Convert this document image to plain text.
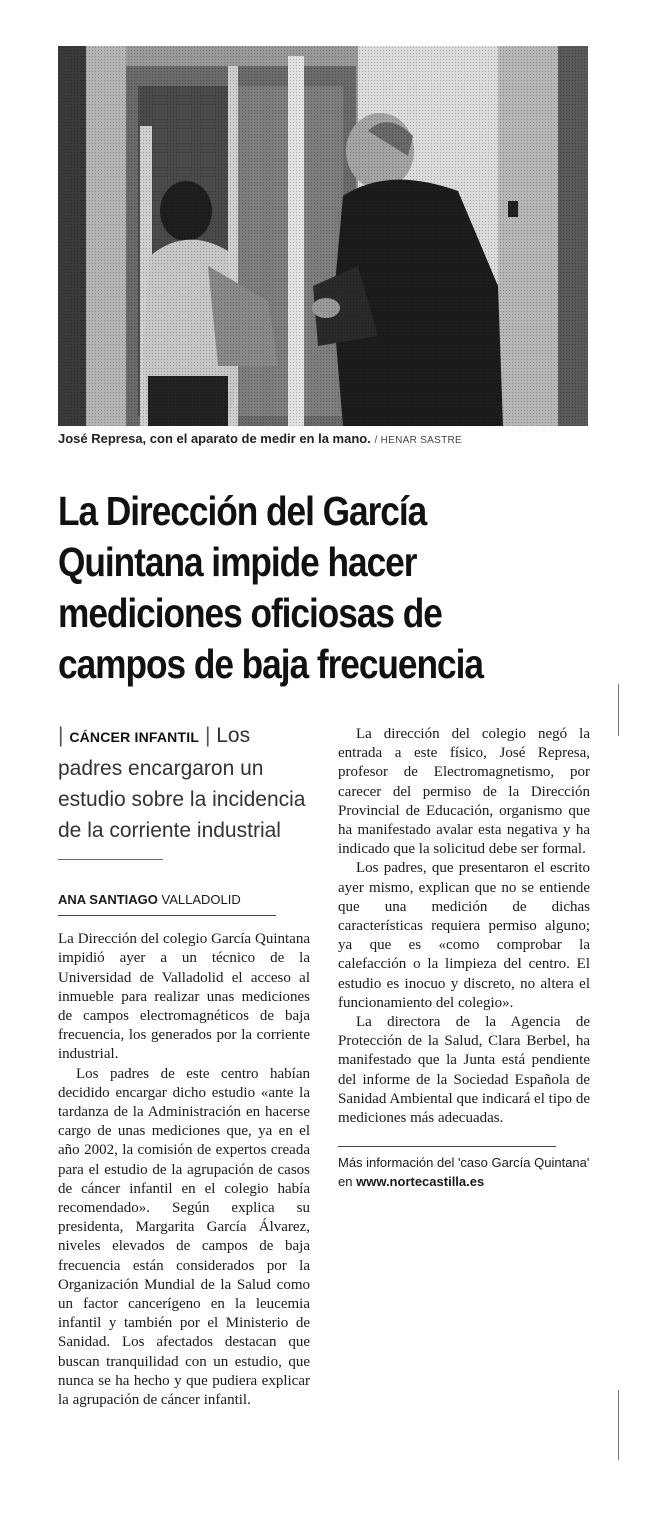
José Represa, con el aparato de medir en la mano. / HENAR SASTRE
La Dirección del García
Quintana impide hacer
mediciones oficiosas de
campos de baja frecuencia

| CÁNCER INFANTIL | Los padres encargaron un estudio sobre la incidencia de la corriente industrial

ANA SANTIAGO VALLADOLID

La Dirección del colegio García Quintana impidió ayer a un técnico de la Universidad de Valladolid el acceso al inmueble para realizar unas mediciones de campos electromagnéticos de baja frecuencia, los generados por la corriente industrial.

Los padres de este centro habían decidido encargar dicho estudio «ante la tardanza de la Administración en hacerse cargo de unas mediciones que, ya en el año 2002, la comisión de expertos creada para el estudio de la agrupación de casos de cáncer infantil en el colegio había recomendado». Según explica su presidenta, Margarita García Álvarez, niveles elevados de campos de baja frecuencia están considerados por la Organización Mundial de la Salud como un factor cancerígeno en la leucemia infantil y también por el Ministerio de Sanidad. Los afectados destacan que buscan tranquilidad con un estudio, que nunca se ha hecho y que pudiera explicar la agrupación de cáncer infantil.

La dirección del colegio negó la entrada a este físico, José Represa, profesor de Electromagnetismo, por carecer del permiso de la Dirección Provincial de Educación, organismo que ha manifestado avalar esta negativa y ha indicado que la solicitud debe ser formal.

Los padres, que presentaron el escrito ayer mismo, explican que no se entiende que una medición de dichas características requiera permiso alguno; ya que es «como comprobar la calefacción o la limpieza del centro. El estudio es inocuo y discreto, no altera el funcionamiento del colegio».

La directora de la Agencia de Protección de la Salud, Clara Berbel, ha manifestado que la Junta está pendiente del informe de la Sociedad Española de Sanidad Ambiental que indicará el tipo de mediciones más adecuadas.

Más información del 'caso García Quintana' en www.nortecastilla.es
